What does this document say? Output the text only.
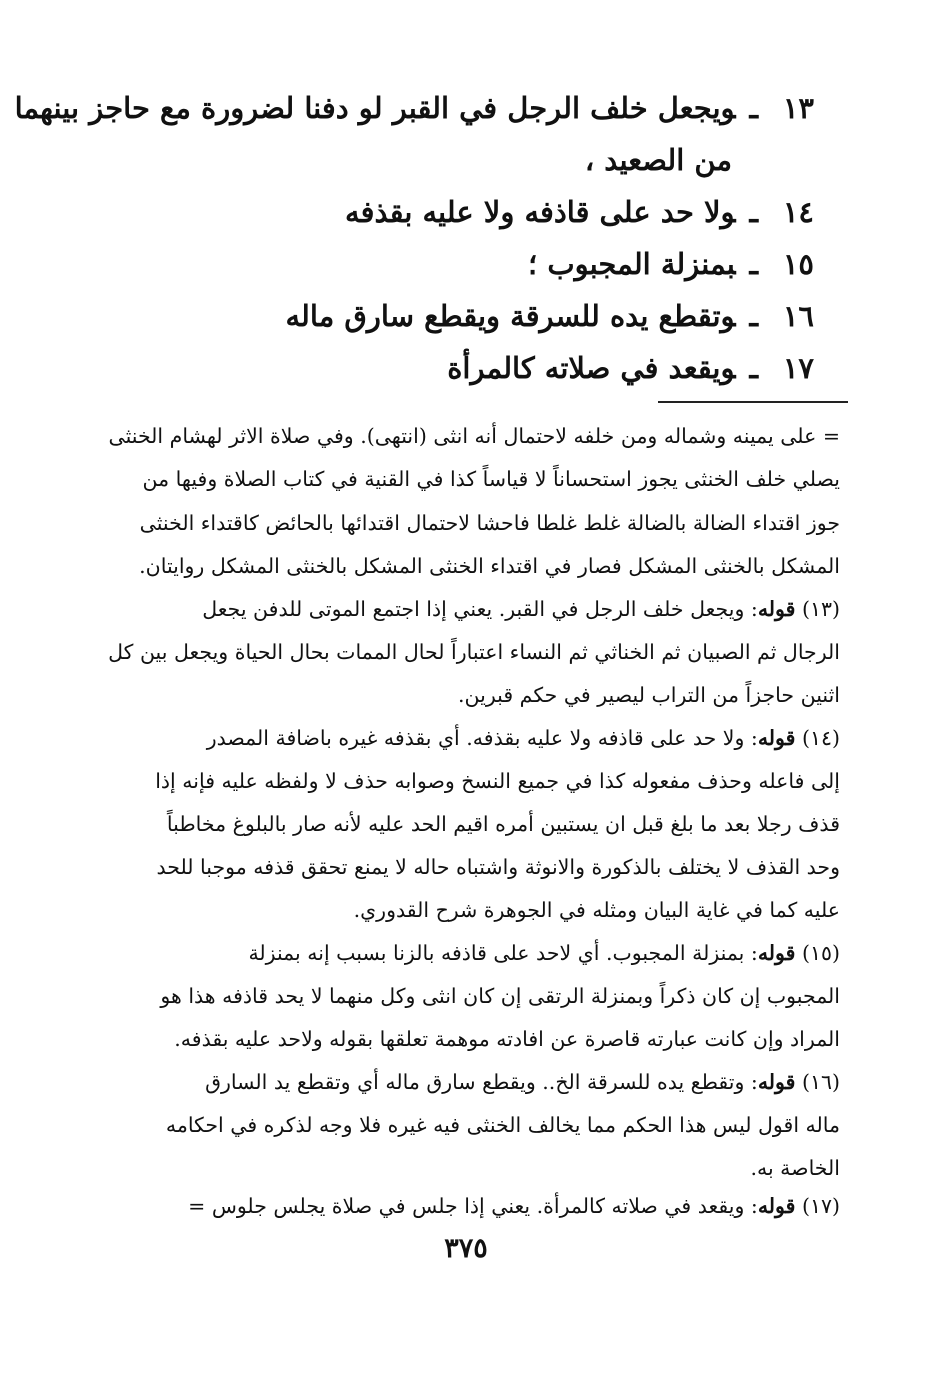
١٣ـويجعل خلف الرجل في القبر لو دفنا لضرورة مع حاجز بينهما
من الصعيد ،
١٤ـولا حد على قاذفه ولا عليه بقذفه
١٥ـبمنزلة المجبوب ؛
١٦ـوتقطع يده للسرقة ويقطع سارق ماله
١٧ـويقعد في صلاته كالمرأة
= على يمينه وشماله ومن خلفه لاحتمال أنه انثى (انتهى). وفي صلاة الاثر لهشام الخنثى
يصلي خلف الخنثى يجوز استحساناً لا قياساً كذا في القنية في كتاب الصلاة وفيها من
جوز اقتداء الضالة بالضالة غلط غلطا فاحشا لاحتمال اقتدائها بالحائض كاقتداء الخنثى
المشكل بالخنثى المشكل فصار في اقتداء الخنثى المشكل بالخنثى المشكل روايتان.
(١٣) قوله: ويجعل خلف الرجل في القبر. يعني إذا اجتمع الموتى للدفن يجعل
الرجال ثم الصبيان ثم الخناثي ثم النساء اعتباراً لحال الممات بحال الحياة ويجعل بين كل
اثنين حاجزاً من التراب ليصير في حكم قبرين.
(١٤) قوله: ولا حد على قاذفه ولا عليه بقذفه. أي بقذفه غيره باضافة المصدر
إلى فاعله وحذف مفعوله كذا في جميع النسخ وصوابه حذف لا ولفظه عليه فإنه إذا
قذف رجلا بعد ما بلغ قبل ان يستبين أمره اقيم الحد عليه لأنه صار بالبلوغ مخاطباً
وحد القذف لا يختلف بالذكورة والانوثة واشتباه حاله لا يمنع تحقق قذفه موجبا للحد
عليه كما في غاية البيان ومثله في الجوهرة شرح القدوري.
(١٥) قوله: بمنزلة المجبوب. أي لاحد على قاذفه بالزنا بسبب إنه بمنزلة
المجبوب إن كان ذكراً وبمنزلة الرتقى إن كان انثى وكل منهما لا يحد قاذفه هذا هو
المراد وإن كانت عبارته قاصرة عن افادته موهمة تعلقها بقوله ولاحد عليه بقذفه.
(١٦) قوله: وتقطع يده للسرقة الخ.. ويقطع سارق ماله أي وتقطع يد السارق
ماله اقول ليس هذا الحكم مما يخالف الخنثى فيه غيره فلا وجه لذكره في احكامه
الخاصة به.
(١٧) قوله: ويقعد في صلاته كالمرأة. يعني إذا جلس في صلاة يجلس جلوس =
٣٧٥
